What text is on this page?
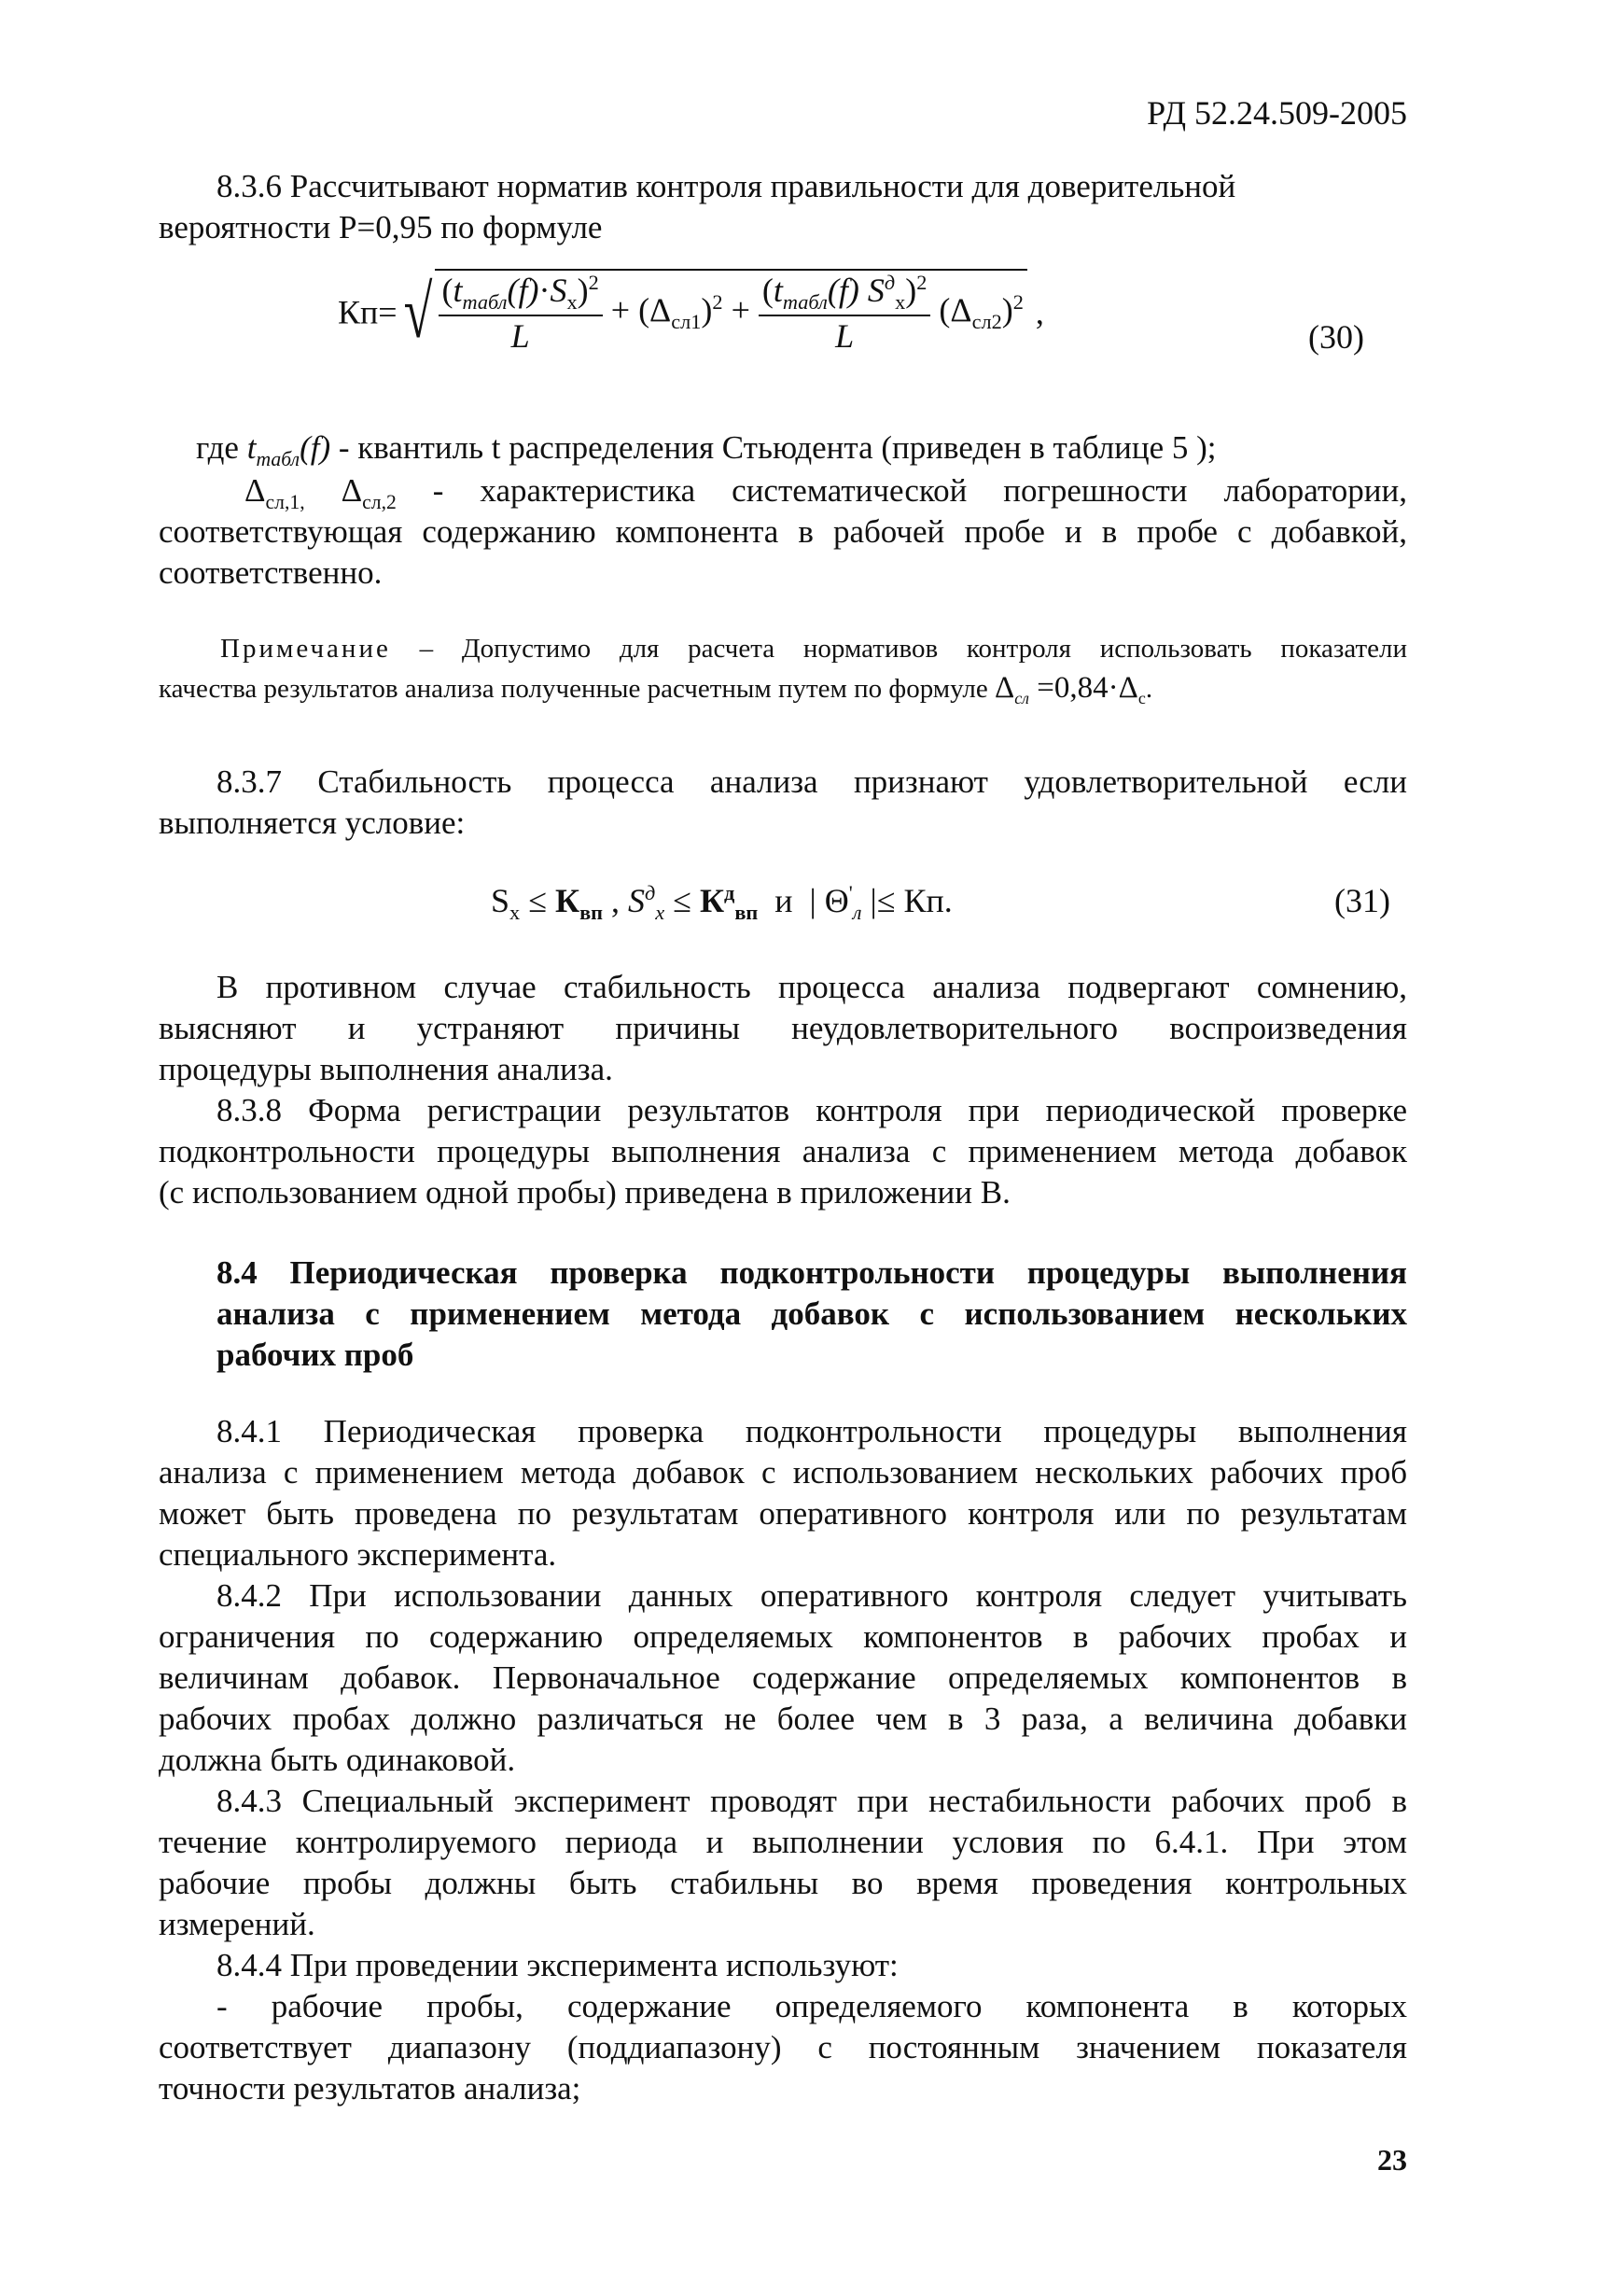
РД 52.24.509-2005
8.3.6 Рассчитывают норматив контроля правильности для доверительной
вероятности Р=0,95 по формуле
$Кп=√ \frac{(t_{табл}(f)\cdot S_x)^2}{L} + (\Delta_{сл1})^2 + \frac{(t_{табл}(f) S^д_x)^2}{L} (\Delta_{сл2})^2$ ,
(30)
где $t_{табл}(f)$ - квантиль t распределения Стьюдента (приведен в таблице 5 );
$\Delta_{сл,1,}$ $\Delta_{сл,2}$ - характеристика систематической погрешности лаборатории,
соответствующая содержанию компонента в рабочей пробе и в пробе с добавкой,
соответственно.
Примечание – Допустимо для расчета нормативов контроля использовать показатели
качества результатов анализа полученные расчетным путем по формуле $\Delta_{сл} =0,84\cdot\Delta_с$.
8.3.7 Стабильность процесса анализа признают удовлетворительной если
выполняется условие:
$S_x \le К_{вп}$ , $S^д_x \le К^д_{вп}$  и  | $\Theta'_л$ |≤ Кп.	(31)
В противном случае стабильность процесса анализа подвергают сомнению,
выясняют и устраняют причины неудовлетворительного воспроизведения
процедуры выполнения анализа.
8.3.8 Форма регистрации результатов контроля при периодической проверке
подконтрольности процедуры выполнения анализа с применением метода добавок
(с использованием одной пробы) приведена в приложении В.
8.4 Периодическая проверка подконтрольности процедуры выполнения
анализа с применением метода добавок с использованием нескольких
рабочих проб
8.4.1 Периодическая проверка подконтрольности процедуры выполнения
анализа с применением метода добавок с использованием нескольких рабочих проб
может быть проведена по результатам оперативного контроля или по результатам
специального эксперимента.
8.4.2 При использовании данных оперативного контроля следует учитывать
ограничения по содержанию определяемых компонентов в рабочих пробах и
величинам добавок. Первоначальное содержание определяемых компонентов в
рабочих пробах должно различаться не более чем в 3 раза, а величина добавки
должна быть одинаковой.
8.4.3 Специальный эксперимент проводят при нестабильности рабочих проб в
течение контролируемого периода и выполнении условия по 6.4.1. При этом
рабочие пробы должны быть стабильны во время проведения контрольных
измерений.
8.4.4 При проведении эксперимента используют:
- рабочие пробы, содержание определяемого компонента в которых
соответствует диапазону (поддиапазону) с постоянным значением показателя
точности результатов анализа;
23
